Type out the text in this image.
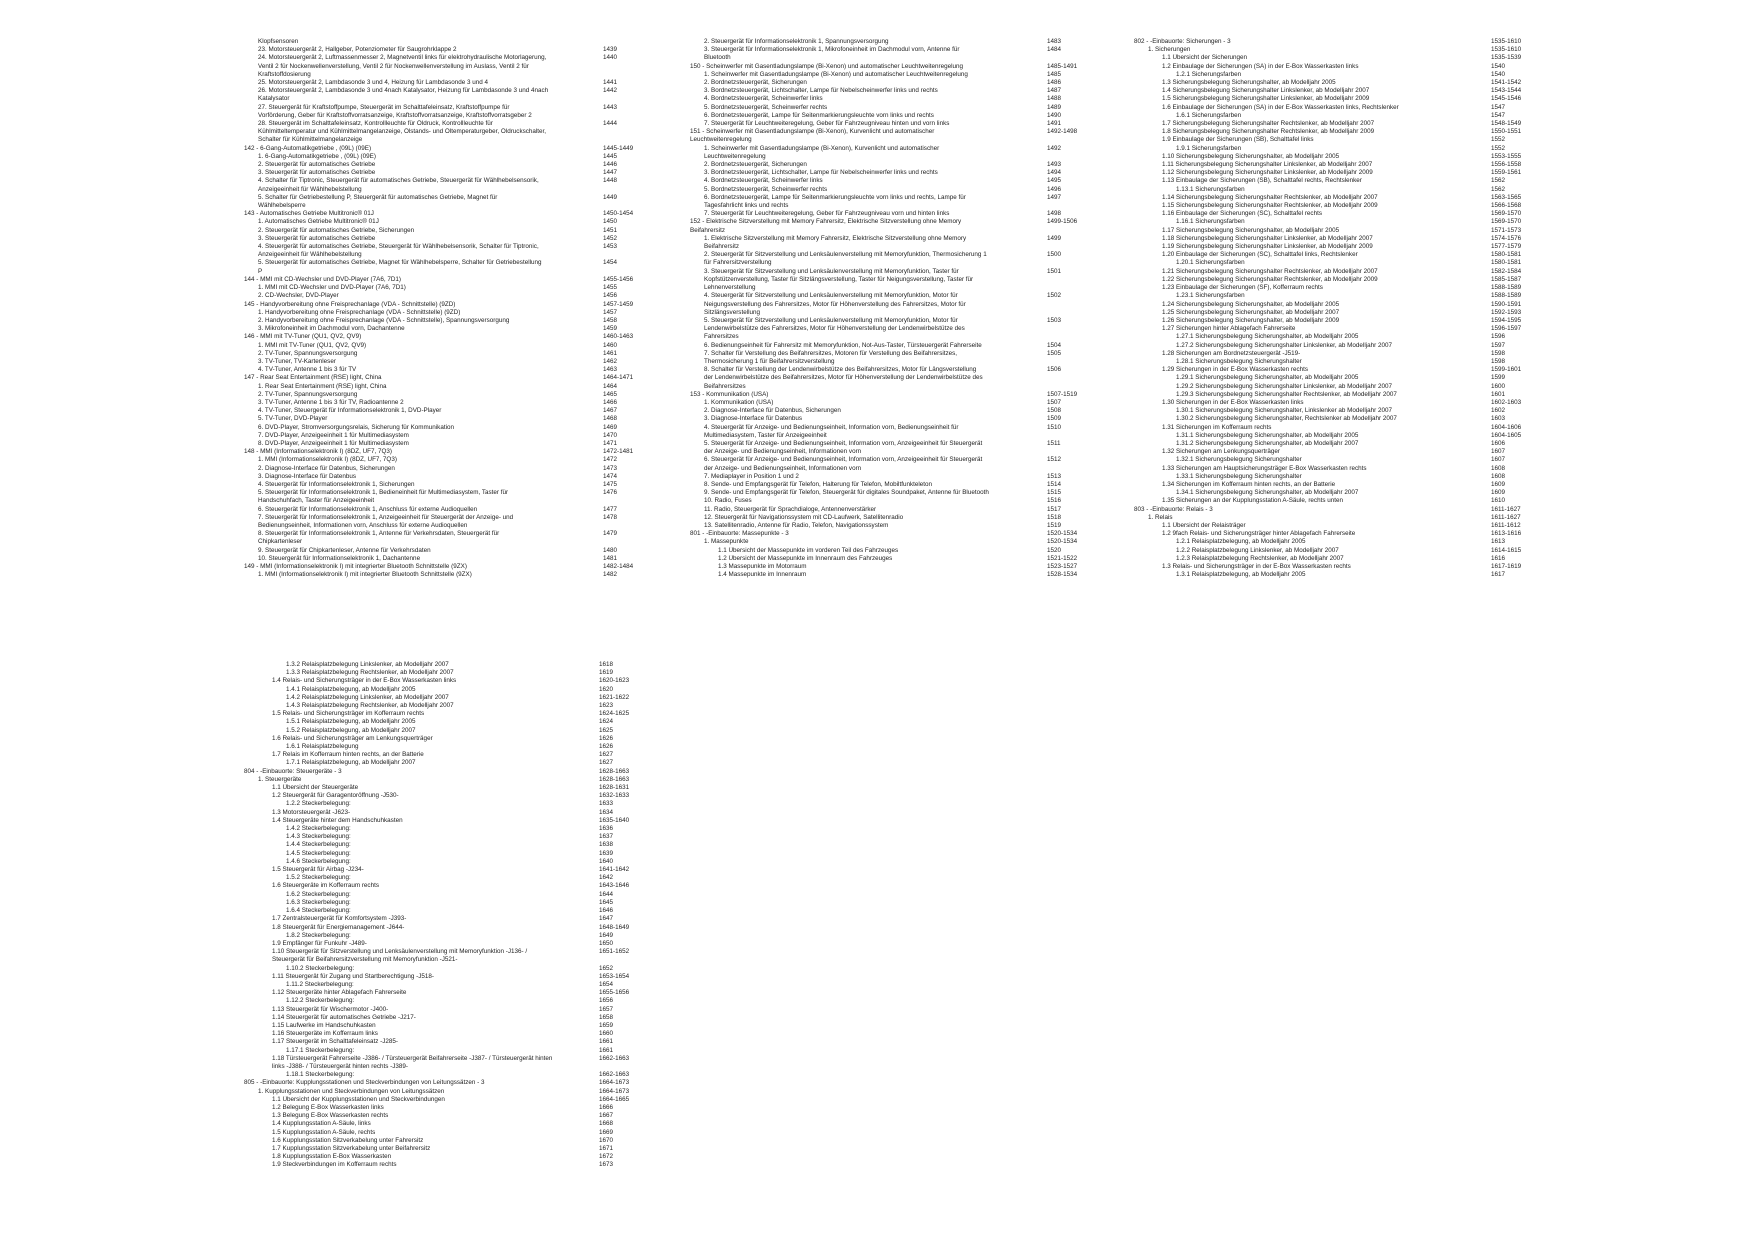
Klopfsensoren
23. Motorsteuergerät 2, Hallgeber, Potenziometer für Saugrohrklappe 2	1439
24. Motorsteuergerät 2, Luftmassenmesser 2, Magnetventil links für elektrohydraulische Motorlagerung,	1440
Ventil 2 für Nockenwellenverstellung, Ventil 2 für Nockenwellenverstellung im Auslass, Ventil 2 für
Kraftstoffdosierung
25. Motorsteuergerät 2, Lambdasonde 3 und 4, Heizung für Lambdasonde 3 und 4	1441
26. Motorsteuergerät 2, Lambdasonde 3 und 4nach Katalysator, Heizung für Lambdasonde 3 und 4nach	1442
Katalysator
27. Steuergerät für Kraftstoffpumpe, Steuergerät im Schalttafeleinsatz, Kraftstoffpumpe für	1443
Vorförderung, Geber für Kraftstoffvorratsanzeige, Kraftstoffvorratsanzeige, Kraftstoffvorratsgeber 2
28. Steuergerät im Schalttafeleinsatz, Kontrollleuchte für Öldruck, Kontrollleuchte für	1444
Kühlmitteltemperatur und Kühlmittelmangelanzeige, Ölstands- und Öltemperaturgeber, Öldruckschalter,
Schalter für Kühlmittelmangelanzeige
142 - 6-Gang-Automatikgetriebe , (09L) (09E)	1445-1449
1. 6-Gang-Automatikgetriebe , (09L) (09E)	1445
2. Steuergerät für automatisches Getriebe	1446
3. Steuergerät für automatisches Getriebe	1447
4. Schalter für Tiptronic, Steuergerät für automatisches Getriebe, Steuergerät für Wählhebelsensorik,	1448
Anzeigeeinheit für Wählhebelstellung
5. Schalter für Getriebestellung P, Steuergerät für automatisches Getriebe, Magnet für	1449
Wählhebelsperre
143 - Automatisches Getriebe Multitronic® 01J	1450-1454
1. Automatisches Getriebe Multitronic® 01J	1450
2. Steuergerät für automatisches Getriebe, Sicherungen	1451
3. Steuergerät für automatisches Getriebe	1452
4. Steuergerät für automatisches Getriebe, Steuergerät für Wählhebelsensorik, Schalter für Tiptronic,	1453
Anzeigeeinheit für Wählhebelstellung
5. Steuergerät für automatisches Getriebe, Magnet für Wählhebelsperre, Schalter für Getriebestellung	1454
P
144 - MMI mit CD-Wechsler und DVD-Player (7A6, 7D1)	1455-1456
1. MMI mit CD-Wechsler und DVD-Player (7A6, 7D1)	1455
2. CD-Wechsler, DVD-Player	1456
145 - Handyvorbereitung ohne Freisprechanlage (VDA - Schnittstelle) (9ZD)	1457-1459
1. Handyvorbereitung ohne Freisprechanlage (VDA - Schnittstelle) (9ZD)	1457
2. Handyvorbereitung ohne Freisprechanlage (VDA - Schnittstelle), Spannungsversorgung	1458
3. Mikrofoneinheit im Dachmodul vorn, Dachantenne	1459
146 - MMI mit TV-Tuner (QU1, QV2, QV9)	1460-1463
1. MMI mit TV-Tuner (QU1, QV2, QV9)	1460
2. TV-Tuner, Spannungsversorgung	1461
3. TV-Tuner, TV-Kartenleser	1462
4. TV-Tuner, Antenne 1 bis 3 für TV	1463
147 - Rear Seat Entertainment (RSE) light, China	1464-1471
1. Rear Seat Entertainment (RSE) light, China	1464
2. TV-Tuner, Spannungsversorgung	1465
3. TV-Tuner, Antenne 1 bis 3 für TV, Radioantenne 2	1466
4. TV-Tuner, Steuergerät für Informationselektronik 1, DVD-Player	1467
5. TV-Tuner, DVD-Player	1468
6. DVD-Player, Stromversorgungsrelais, Sicherung für Kommunikation	1469
7. DVD-Player, Anzeigeeinheit 1 für Multimediasystem	1470
8. DVD-Player, Anzeigeeinheit 1 für Multimediasystem	1471
148 - MMI (Informationselektronik I) (8DZ, UF7, 7Q3)	1472-1481
1. MMI (Informationselektronik I) (8DZ, UF7, 7Q3)	1472
2. Diagnose-Interface für Datenbus, Sicherungen	1473
3. Diagnose-Interface für Datenbus	1474
4. Steuergerät für Informationselektronik 1, Sicherungen	1475
5. Steuergerät für Informationselektronik 1, Bedieneinheit für Multimediasystem, Taster für	1476
Handschuhfach, Taster für Anzeigeeinheit
6. Steuergerät für Informationselektronik 1, Anschluss für externe Audioquellen	1477
7. Steuergerät für Informationselektronik 1, Anzeigeeinheit für Steuergerät der Anzeige- und	1478
Bedienungseinheit, Informationen vorn, Anschluss für externe Audioquellen
8. Steuergerät für Informationselektronik 1, Antenne für Verkehrsdaten, Steuergerät für	1479
Chipkartenleser
9. Steuergerät für Chipkartenleser, Antenne für Verkehrsdaten	1480
10. Steuergerät für Informationselektronik 1, Dachantenne	1481
149 - MMI (Informationselektronik I) mit integrierter Bluetooth Schnittstelle (9ZX)	1482-1484
1. MMI (Informationselektronik I) mit integrierter Bluetooth Schnittstelle (9ZX)	1482
2. Steuergerät für Informationselektronik 1, Spannungsversorgung	1483
3. Steuergerät für Informationselektronik 1, Mikrofoneinheit im Dachmodul vorn, Antenne für	1484
Bluetooth
150 - Scheinwerfer mit Gasentladungslampe (Bi-Xenon) und automatischer Leuchtweitenregelung	1485-1491
1. Scheinwerfer mit Gasentladungslampe (Bi-Xenon) und automatischer Leuchtweitenregelung	1485
2. Bordnetzsteuergerät, Sicherungen	1486
3. Bordnetzsteuergerät, Lichtschalter, Lampe für Nebelscheinwerfer links und rechts	1487
4. Bordnetzsteuergerät, Scheinwerfer links	1488
5. Bordnetzsteuergerät, Scheinwerfer rechts	1489
6. Bordnetzsteuergerät, Lampe für Seitenmarkierungsleuchte vorn links und rechts	1490
7. Steuergerät für Leuchtweiteregelung, Geber für Fahrzeugniveau hinten und vorn links	1491
151 - Scheinwerfer mit Gasentladungslampe (Bi-Xenon), Kurvenlicht und automatischer	1492-1498
Leuchtweitenregelung
1. Scheinwerfer mit Gasentladungslampe (Bi-Xenon), Kurvenlicht und automatischer	1492
Leuchtweitenregelung
2. Bordnetzsteuergerät, Sicherungen	1493
3. Bordnetzsteuergerät, Lichtschalter, Lampe für Nebelscheinwerfer links und rechts	1494
4. Bordnetzsteuergerät, Scheinwerfer links	1495
5. Bordnetzsteuergerät, Scheinwerfer rechts	1496
6. Bordnetzsteuergerät, Lampe für Seitenmarkierungsleuchte vorn links und rechts, Lampe für	1497
Tagesfahrlicht links und rechts
7. Steuergerät für Leuchtweiteregelung, Geber für Fahrzeugniveau vorn und hinten links	1498
152 - Elektrische Sitzverstellung mit Memory Fahrersitz, Elektrische Sitzverstellung ohne Memory	1499-1506
Beifahrersitz
1. Elektrische Sitzverstellung mit Memory Fahrersitz, Elektrische Sitzverstellung ohne Memory	1499
Beifahrersitz
2. Steuergerät für Sitzverstellung und Lenksäulenverstellung mit Memoryfunktion, Thermosicherung 1	1500
für Fahrersitzverstellung
3. Steuergerät für Sitzverstellung und Lenksäulenverstellung mit Memoryfunktion, Taster für	1501
Kopfstützenverstellung, Taster für Sitzlängsverstellung, Taster für Neigungsverstellung, Taster für
Lehnenverstellung
4. Steuergerät für Sitzverstellung und Lenksäulenverstellung mit Memoryfunktion, Motor für	1502
Neigungsverstellung des Fahrersitzes, Motor für Höhenverstellung des Fahrersitzes, Motor für
Sitzlängsverstellung
5. Steuergerät für Sitzverstellung und Lenksäulenverstellung mit Memoryfunktion, Motor für	1503
Lendenwirbelstütze des Fahrersitzes, Motor für Höhenverstellung der Lendenwirbelstütze des
Fahrersitzes
6. Bedienungseinheit für Fahrersitz mit Memoryfunktion, Not-Aus-Taster, Türsteuergerät Fahrerseite	1504
7. Schalter für Verstellung des Beifahrersitzes, Motoren für Verstellung des Beifahrersitzes,	1505
Thermosicherung 1 für Beifahrersitzverstellung
8. Schalter für Verstellung der Lendenwirbelstütze des Beifahrersitzes, Motor für Längsverstellung	1506
der Lendenwirbelstütze des Beifahrersitzes, Motor für Höhenverstellung der Lendenwirbelstütze des
Beifahrersitzes
153 - Kommunikation (USA)	1507-1519
1. Kommunikation (USA)	1507
2. Diagnose-Interface für Datenbus, Sicherungen	1508
3. Diagnose-Interface für Datenbus	1509
4. Steuergerät für Anzeige- und Bedienungseinheit, Information vorn, Bedienungseinheit für	1510
Multimediasystem, Taster für Anzeigeeinheit
5. Steuergerät für Anzeige- und Bedienungseinheit, Information vorn, Anzeigeeinheit für Steuergerät	1511
der Anzeige- und Bedienungseinheit, Informationen vorn
6. Steuergerät für Anzeige- und Bedienungseinheit, Information vorn, Anzeigeeinheit für Steuergerät	1512
der Anzeige- und Bedienungseinheit, Informationen vorn
7. Mediaplayer in Position 1 und 2	1513
8. Sende- und Empfangsgerät für Telefon, Halterung für Telefon, Mobiltfunkteleton	1514
9. Sende- und Empfangsgerät für Telefon, Steuergerät für digitales Soundpaket, Antenne für Bluetooth	1515
10. Radio, Fuses	1516
11. Radio, Steuergerät für Sprachdialoge, Antennenverstärker	1517
12. Steuergerät für Navigationssystem mit CD-Laufwerk, Satellitenradio	1518
13. Satellitenradio, Antenne für Radio, Telefon, Navigationssystem	1519
801 - -Einbauorte: Massepunkte - 3	1520-1534
1. Massepunkte	1520-1534
1.1 Übersicht der Massepunkte im vorderen Teil des Fahrzeuges	1520
1.2 Übersicht der Massepunkte im Innenraum des Fahrzeuges	1521-1522
1.3 Massepunkte im Motorraum	1523-1527
1.4 Massepunkte im Innenraum	1528-1534
802 - -Einbauorte: Sicherungen - 3	1535-1610
1. Sicherungen	1535-1610
1.1 Übersicht der Sicherungen	1535-1539
1.2 Einbaulage der Sicherungen (SA) in der E-Box Wasserkasten links	1540
1.2.1 Sicherungsfarben	1540
1.3 Sicherungsbelegung Sicherungshalter, ab Modelljahr 2005	1541-1542
1.4 Sicherungsbelegung Sicherungshalter Linkslenker, ab Modelljahr 2007	1543-1544
1.5 Sicherungsbelegung Sicherungshalter Linkslenker, ab Modelljahr 2009	1545-1546
1.6 Einbaulage der Sicherungen (SA) in der E-Box Wasserkasten links, Rechtslenker	1547
1.6.1 Sicherungsfarben	1547
1.7 Sicherungsbelegung Sicherungshalter Rechtslenker, ab Modelljahr 2007	1548-1549
1.8 Sicherungsbelegung Sicherungshalter Rechtslenker, ab Modelljahr 2009	1550-1551
1.9 Einbaulage der Sicherungen (SB), Schalttafel links	1552
1.9.1 Sicherungsfarben	1552
1.10 Sicherungsbelegung Sicherungshalter, ab Modelljahr 2005	1553-1555
1.11 Sicherungsbelegung Sicherungshalter Linkslenker, ab Modelljahr 2007	1556-1558
1.12 Sicherungsbelegung Sicherungshalter Linkslenker, ab Modelljahr 2009	1559-1561
1.13 Einbaulage der Sicherungen (SB), Schalttafel rechts, Rechtslenker	1562
1.13.1 Sicherungsfarben	1562
1.14 Sicherungsbelegung Sicherungshalter Rechtslenker, ab Modelljahr 2007	1563-1565
1.15 Sicherungsbelegung Sicherungshalter Rechtslenker, ab Modelljahr 2009	1566-1568
1.16 Einbaulage der Sicherungen (SC), Schalttafel rechts	1569-1570
1.16.1 Sicherungsfarben	1569-1570
1.17 Sicherungsbelegung Sicherungshalter, ab Modelljahr 2005	1571-1573
1.18 Sicherungsbelegung Sicherungshalter Linkslenker, ab Modelljahr 2007	1574-1576
1.19 Sicherungsbelegung Sicherungshalter Linkslenker, ab Modelljahr 2009	1577-1579
1.20 Einbaulage der Sicherungen (SC), Schalttafel links, Rechtslenker	1580-1581
1.20.1 Sicherungsfarben	1580-1581
1.21 Sicherungsbelegung Sicherungshalter Rechtslenker, ab Modelljahr 2007	1582-1584
1.22 Sicherungsbelegung Sicherungshalter Rechtslenker, ab Modelljahr 2009	1585-1587
1.23 Einbaulage der Sicherungen (SF), Kofferraum rechts	1588-1589
1.23.1 Sicherungsfarben	1588-1589
1.24 Sicherungsbelegung Sicherungshalter, ab Modelljahr 2005	1590-1591
1.25 Sicherungsbelegung Sicherungshalter, ab Modelljahr 2007	1592-1593
1.26 Sicherungsbelegung Sicherungshalter, ab Modelljahr 2009	1594-1595
1.27 Sicherungen hinter Ablagefach Fahrerseite	1596-1597
1.27.1 Sicherungsbelegung Sicherungshalter, ab Modelljahr 2005	1596
1.27.2 Sicherungsbelegung Sicherungshalter Linkslenker, ab Modelljahr 2007	1597
1.28 Sicherungen am Bordnetzsteuergerät -J519-	1598
1.28.1 Sicherungsbelegung Sicherungshalter	1598
1.29 Sicherungen in der E-Box Wasserkasten rechts	1599-1601
1.29.1 Sicherungsbelegung Sicherungshalter, ab Modelljahr 2005	1599
1.29.2 Sicherungsbelegung Sicherungshalter Linkslenker, ab Modelljahr 2007	1600
1.29.3 Sicherungsbelegung Sicherungshalter Rechtslenker, ab Modelljahr 2007	1601
1.30 Sicherungen in der E-Box Wasserkasten links	1602-1603
1.30.1 Sicherungsbelegung Sicherungshalter, Linkslenker ab Modelljahr 2007	1602
1.30.2 Sicherungsbelegung Sicherungshalter, Rechtslenker ab Modelljahr 2007	1603
1.31 Sicherungen im Kofferraum rechts	1604-1606
1.31.1 Sicherungsbelegung Sicherungshalter, ab Modelljahr 2005	1604-1605
1.31.2 Sicherungsbelegung Sicherungshalter, ab Modelljahr 2007	1606
1.32 Sicherungen am Lenkungsquerträger	1607
1.32.1 Sicherungsbelegung Sicherungshalter	1607
1.33 Sicherungen am Hauptsicherungsträger E-Box Wasserkasten rechts	1608
1.33.1 Sicherungsbelegung Sicherungshalter	1608
1.34 Sicherungen im Kofferraum hinten rechts, an der Batterie	1609
1.34.1 Sicherungsbelegung Sicherungshalter, ab Modelljahr 2007	1609
1.35 Sicherungen an der Kupplungsstation A-Säule, rechts unten	1610
803 - -Einbauorte: Relais - 3	1611-1627
1. Relais	1611-1627
1.1 Übersicht der Relaisträger	1611-1612
1.2 9fach Relais- und Sicherungsträger hinter Ablagefach Fahrerseite	1613-1616
1.2.1 Relaisplatzbelegung, ab Modelljahr 2005	1613
1.2.2 Relaisplatzbelegung Linkslenker, ab Modelljahr 2007	1614-1615
1.2.3 Relaisplatzbelegung Rechtslenker, ab Modelljahr 2007	1616
1.3 Relais- und Sicherungsträger in der E-Box Wasserkasten rechts	1617-1619
1.3.1 Relaisplatzbelegung, ab Modelljahr 2005	1617
1.3.2 Relaisplatzbelegung Linkslenker, ab Modelljahr 2007	1618
1.3.3 Relaisplatzbelegung Rechtslenker, ab Modelljahr 2007	1619
1.4 Relais- und Sicherungsträger in der E-Box Wasserkasten links	1620-1623
1.4.1 Relaisplatzbelegung, ab Modelljahr 2005	1620
1.4.2 Relaisplatzbelegung Linkslenker, ab Modelljahr 2007	1621-1622
1.4.3 Relaisplatzbelegung Rechtslenker, ab Modelljahr 2007	1623
1.5 Relais- und Sicherungsträger im Kofferraum rechts	1624-1625
1.5.1 Relaisplatzbelegung, ab Modelljahr 2005	1624
1.5.2 Relaisplatzbelegung, ab Modelljahr 2007	1625
1.6 Relais- und Sicherungsträger am Lenkungsquerträger	1626
1.6.1 Relaisplatzbelegung	1626
1.7 Relais im Kofferraum hinten rechts, an der Batterie	1627
1.7.1 Relaisplatzbelegung, ab Modelljahr 2007	1627
804 - -Einbauorte: Steuergeräte - 3	1628-1663
1. Steuergeräte	1628-1663
1.1 Übersicht der Steuergeräte	1628-1631
1.2 Steuergerät für Garagentoröffnung -J530-	1632-1633
1.2.2 Steckerbelegung:	1633
1.3 Motorsteuergerät -J623-	1634
1.4 Steuergeräte hinter dem Handschuhkasten	1635-1640
1.4.2 Steckerbelegung:	1636
1.4.3 Steckerbelegung:	1637
1.4.4 Steckerbelegung:	1638
1.4.5 Steckerbelegung:	1639
1.4.6 Steckerbelegung:	1640
1.5 Steuergerät für Airbag -J234-	1641-1642
1.5.2 Steckerbelegung:	1642
1.6 Steuergeräte im Kofferraum rechts	1643-1646
1.6.2 Steckerbelegung:	1644
1.6.3 Steckerbelegung:	1645
1.6.4 Steckerbelegung:	1646
1.7 Zentralsteuergerät für Komfortsystem -J393-	1647
1.8 Steuergerät für Energiemanagement -J644-	1648-1649
1.8.2 Steckerbelegung:	1649
1.9 Empfänger für Funkuhr -J489-	1650
1.10 Steuergerät für Sitzverstellung und Lenksäulenverstellung mit Memoryfunktion -J136- /	1651-1652
Steuergerät für Beifahrersitzverstellung mit Memoryfunktion -J521-
1.10.2 Steckerbelegung:	1652
1.11 Steuergerät für Zugang und Startberechtigung -J518-	1653-1654
1.11.2 Steckerbelegung:	1654
1.12 Steuergeräte hinter Ablagefach Fahrerseite	1655-1656
1.12.2 Steckerbelegung:	1656
1.13 Steuergerät für Wischermotor -J400-	1657
1.14 Steuergerät für automatisches Getriebe -J217-	1658
1.15 Laufwerke im Handschuhkasten	1659
1.16 Steuergeräte im Kofferraum links	1660
1.17 Steuergerät im Schalttafeleinsatz -J285-	1661
1.17.1 Steckerbelegung:	1661
1.18 Türsteuergerät Fahrerseite -J386- / Türsteuergerät Beifahrerseite -J387- / Türsteuergerät hinten	1662-1663
links -J388- / Türsteuergerät hinten rechts -J389-
1.18.1 Steckerbelegung:	1662-1663
805 - -Einbauorte: Kupplungsstationen und Steckverbindungen von Leitungssätzen - 3	1664-1673
1. Kupplungsstationen und Steckverbindungen von Leitungssätzen	1664-1673
1.1 Übersicht der Kupplungsstationen und Steckverbindungen	1664-1665
1.2 Belegung E-Box Wasserkasten links	1666
1.3 Belegung E-Box Wasserkasten rechts	1667
1.4 Kupplungsstation A-Säule, links	1668
1.5 Kupplungsstation A-Säule, rechts	1669
1.6 Kupplungsstation Sitzverkabelung unter Fahrersitz	1670
1.7 Kupplungsstation Sitzverkabelung unter Beifahrersitz	1671
1.8 Kupplungsstation E-Box Wasserkasten	1672
1.9 Steckverbindungen im Kofferraum rechts	1673
